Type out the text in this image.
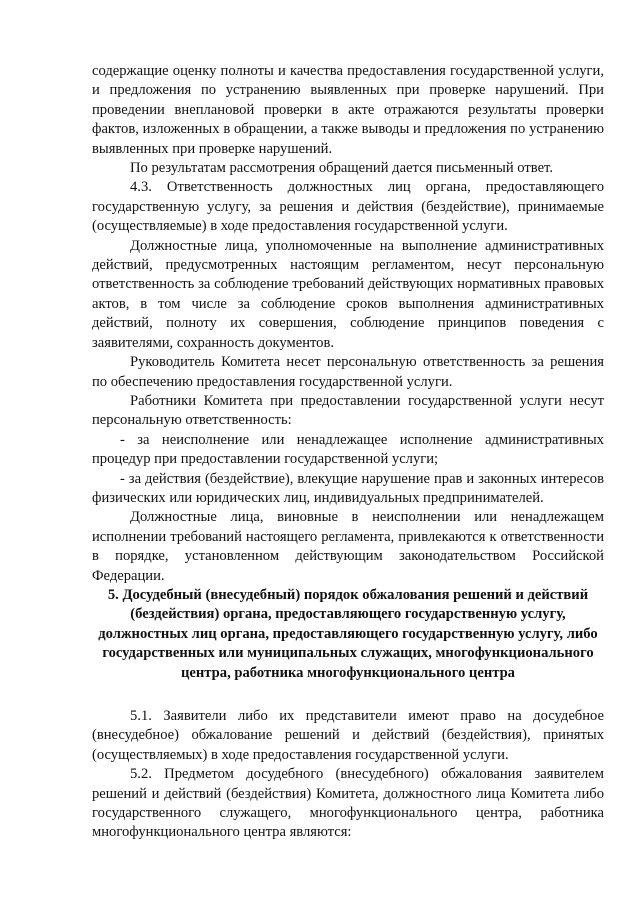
содержащие оценку полноты и качества предоставления государственной услуги, и предложения по устранению выявленных при проверке нарушений. При проведении внеплановой проверки в акте отражаются результаты проверки фактов, изложенных в обращении, а также выводы и предложения по устранению выявленных при проверке нарушений.

По результатам рассмотрения обращений дается письменный ответ.

4.3. Ответственность должностных лиц органа, предоставляющего государственную услугу, за решения и действия (бездействие), принимаемые (осуществляемые) в ходе предоставления государственной услуги.

Должностные лица, уполномоченные на выполнение административных действий, предусмотренных настоящим регламентом, несут персональную ответственность за соблюдение требований действующих нормативных правовых актов, в том числе за соблюдение сроков выполнения административных действий, полноту их совершения, соблюдение принципов поведения с заявителями, сохранность документов.

Руководитель Комитета несет персональную ответственность за решения по обеспечению предоставления государственной услуги.

Работники Комитета при предоставлении государственной услуги несут персональную ответственность:

- за неисполнение или ненадлежащее исполнение административных процедур при предоставлении государственной услуги;

- за действия (бездействие), влекущие нарушение прав и законных интересов физических или юридических лиц, индивидуальных предпринимателей.

Должностные лица, виновные в неисполнении или ненадлежащем исполнении требований настоящего регламента, привлекаются к ответственности в порядке, установленном действующим законодательством Российской Федерации.

5. Досудебный (внесудебный) порядок обжалования решений и действий (бездействия) органа, предоставляющего государственную услугу, должностных лиц органа, предоставляющего государственную услугу, либо государственных или муниципальных служащих, многофункционального центра, работника многофункционального центра

5.1. Заявители либо их представители имеют право на досудебное (внесудебное) обжалование решений и действий (бездействия), принятых (осуществляемых) в ходе предоставления государственной услуги.

5.2. Предметом досудебного (внесудебного) обжалования заявителем решений и действий (бездействия) Комитета, должностного лица Комитета либо государственного служащего, многофункционального центра, работника многофункционального центра являются:
